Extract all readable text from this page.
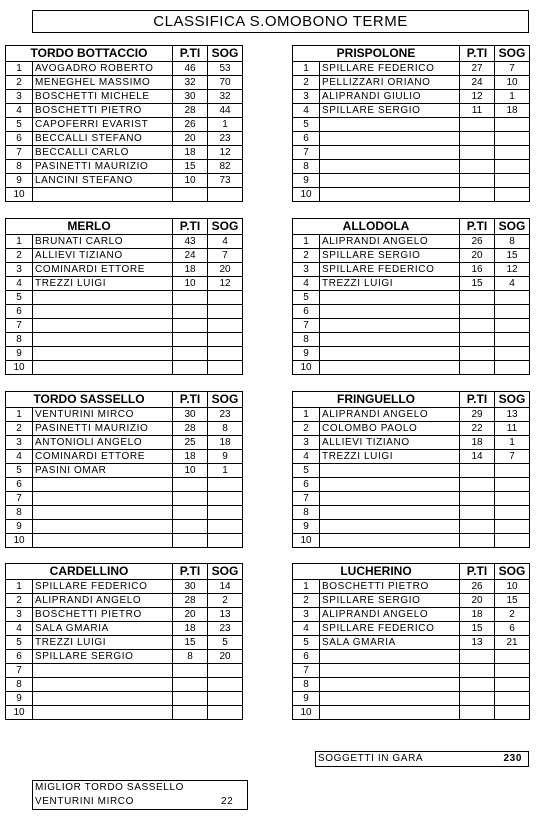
CLASSIFICA S.OMOBONO TERME
TORDO BOTTACCIO		P.TI	SOG
1	AVOGADRO ROBERTO	46	53
2	MENEGHEL MASSIMO	32	70
3	BOSCHETTI MICHELE	30	32
4	BOSCHETTI PIETRO	28	44
5	CAPOFERRI EVARIST	26	1
6	BECCALLI STEFANO	20	23
7	BECCALLI CARLO	18	12
8	PASINETTI MAURIZIO	15	82
9	LANCINI STEFANO	10	73
10			
PRISPOLONE		P.TI	SOG
1	SPILLARE FEDERICO	27	7
2	PELLIZZARI ORIANO	24	10
3	ALIPRANDI GIULIO	12	1
4	SPILLARE SERGIO	11	18
5			
6			
7			
8			
9			
10			
MERLO		P.TI	SOG
1	BRUNATI CARLO	43	4
2	ALLIEVI TIZIANO	24	7
3	COMINARDI ETTORE	18	20
4	TREZZI LUIGI	10	12
5			
6			
7			
8			
9			
10			
ALLODOLA		P.TI	SOG
1	ALIPRANDI ANGELO	26	8
2	SPILLARE SERGIO	20	15
3	SPILLARE FEDERICO	16	12
4	TREZZI LUIGI	15	4
5			
6			
7			
8			
9			
10			
TORDO SASSELLO		P.TI	SOG
1	VENTURINI MIRCO	30	23
2	PASINETTI MAURIZIO	28	8
3	ANTONIOLI ANGELO	25	18
4	COMINARDI ETTORE	18	9
5	PASINI OMAR	10	1
6			
7			
8			
9			
10			
FRINGUELLO		P.TI	SOG
1	ALIPRANDI ANGELO	29	13
2	COLOMBO PAOLO	22	11
3	ALLIEVI TIZIANO	18	1
4	TREZZI LUIGI	14	7
5			
6			
7			
8			
9			
10			
CARDELLINO		P.TI	SOG
1	SPILLARE FEDERICO	30	14
2	ALIPRANDI ANGELO	28	2
3	BOSCHETTI PIETRO	20	13
4	SALA GMARIA	18	23
5	TREZZI LUIGI	15	5
6	SPILLARE SERGIO	8	20
7			
8			
9			
10			
LUCHERINO		P.TI	SOG
1	BOSCHETTI PIETRO	26	10
2	SPILLARE SERGIO	20	15
3	ALIPRANDI ANGELO	18	2
4	SPILLARE FEDERICO	15	6
5	SALA GMARIA	13	21
6			
7			
8			
9			
10			
SOGGETTI IN GARA	230
MIGLIOR TORDO SASSELLO
VENTURINI MIRCO	22
